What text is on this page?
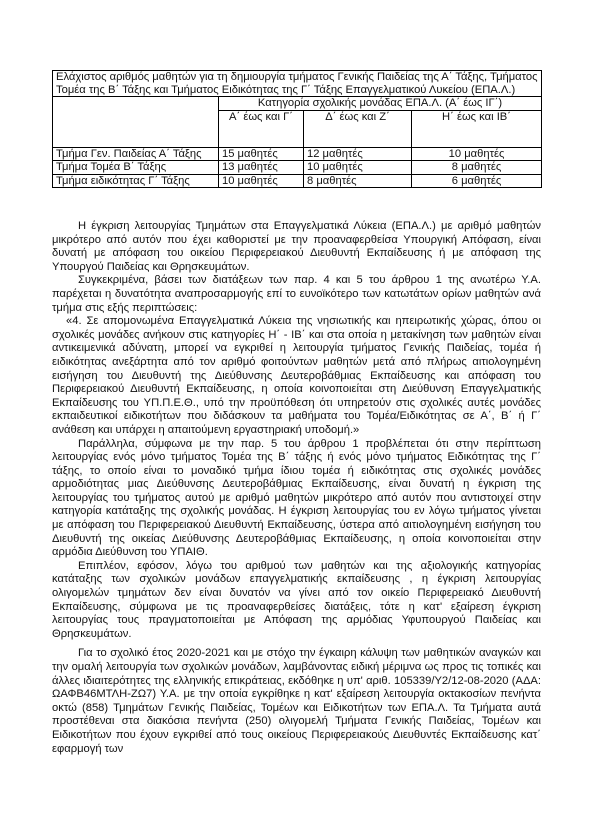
Ελάχιστος αριθμός μαθητών για τη δημιουργία τμήματος Γενικής Παιδείας της Α΄ Τάξης, Τμήματος Τομέα της Β΄ Τάξης και Τμήματος Ειδικότητας της Γ΄ Τάξης Επαγγελματικού Λυκείου (ΕΠΑ.Λ.)			
	Κατηγορία σχολικής μονάδας ΕΠΑ.Λ. (Α΄ έως ΙΓ΄)		
	Α΄ έως και Γ΄	Δ΄ έως και Ζ΄	Η΄ έως και ΙΒ΄
Τμήμα Γεν. Παιδείας Α΄ Τάξης	15 μαθητές	12 μαθητές	10 μαθητές
Τμήμα Τομέα Β΄ Τάξης	13 μαθητές	10 μαθητές	8 μαθητές
Τμήμα ειδικότητας Γ΄ Τάξης	10 μαθητές	8 μαθητές	6 μαθητές

Η έγκριση λειτουργίας Τμημάτων στα Επαγγελματικά Λύκεια (ΕΠΑ.Λ.) με αριθμό μαθητών μικρότερο από αυτόν που έχει καθοριστεί με την προαναφερθείσα Υπουργική Απόφαση, είναι δυνατή με απόφαση του οικείου Περιφερειακού Διευθυντή Εκπαίδευσης ή με απόφαση της Υπουργού Παιδείας και Θρησκευμάτων.

Συγκεκριμένα, βάσει των διατάξεων των παρ. 4 και 5 του άρθρου 1 της ανωτέρω Υ.Α. παρέχεται η δυνατότητα αναπροσαρμογής επί το ευνοϊκότερο των κατωτάτων ορίων μαθητών ανά τμήμα στις εξής περιπτώσεις:

«4. Σε απομονωμένα Επαγγελματικά Λύκεια της νησιωτικής και ηπειρωτικής χώρας, όπου οι σχολικές μονάδες ανήκουν στις κατηγορίες Η΄ - ΙΒ΄ και στα οποία η μετακίνηση των μαθητών είναι αντικειμενικά αδύνατη, μπορεί να εγκριθεί η λειτουργία τμήματος Γενικής Παιδείας, τομέα ή ειδικότητας ανεξάρτητα από τον αριθμό φοιτούντων μαθητών μετά από πλήρως αιτιολογημένη εισήγηση του Διευθυντή της Διεύθυνσης Δευτεροβάθμιας Εκπαίδευσης και απόφαση του Περιφερειακού Διευθυντή Εκπαίδευσης, η οποία κοινοποιείται στη Διεύθυνση Επαγγελματικής Εκπαίδευσης του ΥΠ.Π.Ε.Θ., υπό την προϋπόθεση ότι υπηρετούν στις σχολικές αυτές μονάδες εκπαιδευτικοί ειδικοτήτων που διδάσκουν τα μαθήματα του Τομέα/Ειδικότητας σε Α΄, Β΄ ή Γ΄ ανάθεση και υπάρχει η απαιτούμενη εργαστηριακή υποδομή.»

Παράλληλα, σύμφωνα με την παρ. 5 του άρθρου 1 προβλέπεται ότι στην περίπτωση λειτουργίας ενός μόνο τμήματος Τομέα της Β΄ τάξης ή ενός μόνο τμήματος Ειδικότητας της Γ΄ τάξης, το οποίο είναι το μοναδικό τμήμα ίδιου τομέα ή ειδικότητας στις σχολικές μονάδες αρμοδιότητας μιας Διεύθυνσης Δευτεροβάθμιας Εκπαίδευσης, είναι δυνατή η έγκριση της λειτουργίας του τμήματος αυτού με αριθμό μαθητών μικρότερο από αυτόν που αντιστοιχεί στην κατηγορία κατάταξης της σχολικής μονάδας. Η έγκριση λειτουργίας του εν λόγω τμήματος γίνεται με απόφαση του Περιφερειακού Διευθυντή Εκπαίδευσης, ύστερα από αιτιολογημένη εισήγηση του Διευθυντή της οικείας Διεύθυνσης Δευτεροβάθμιας Εκπαίδευσης, η οποία κοινοποιείται στην αρμόδια Διεύθυνση του ΥΠΑΙΘ.

Επιπλέον, εφόσον, λόγω του αριθμού των μαθητών και της αξιολογικής κατηγορίας κατάταξης των σχολικών μονάδων επαγγελματικής εκπαίδευσης , η έγκριση λειτουργίας ολιγομελών τμημάτων δεν είναι δυνατόν να γίνει από τον οικείο Περιφερειακό Διευθυντή Εκπαίδευσης, σύμφωνα με τις προαναφερθείσες διατάξεις, τότε η κατ' εξαίρεση έγκριση λειτουργίας τους πραγματοποιείται με Απόφαση της αρμόδιας Υφυπουργού Παιδείας και Θρησκευμάτων.

Για το σχολικό έτος 2020-2021 και με στόχο την έγκαιρη κάλυψη των μαθητικών αναγκών και την ομαλή λειτουργία των σχολικών μονάδων, λαμβάνοντας ειδική μέριμνα ως προς τις τοπικές και άλλες ιδιαιτερότητες της ελληνικής επικράτειας, εκδόθηκε η υπ' αριθ. 105339/Υ2/12-08-2020 (ΑΔΑ: ΩΑΦΒ46ΜΤΛΗ-ΖΩ7) Υ.Α. με την οποία εγκρίθηκε η κατ' εξαίρεση λειτουργία οκτακοσίων πενήντα οκτώ (858) Τμημάτων Γενικής Παιδείας, Τομέων και Ειδικοτήτων των ΕΠΑ.Λ. Τα Τμήματα αυτά προστέθεναι στα διακόσια πενήντα (250) ολιγομελή Τμήματα Γενικής Παιδείας, Τομέων και Ειδικοτήτων που έχουν εγκριθεί από τους οικείους Περιφερειακούς Διευθυντές Εκπαίδευσης κατ΄ εφαρμογή των
